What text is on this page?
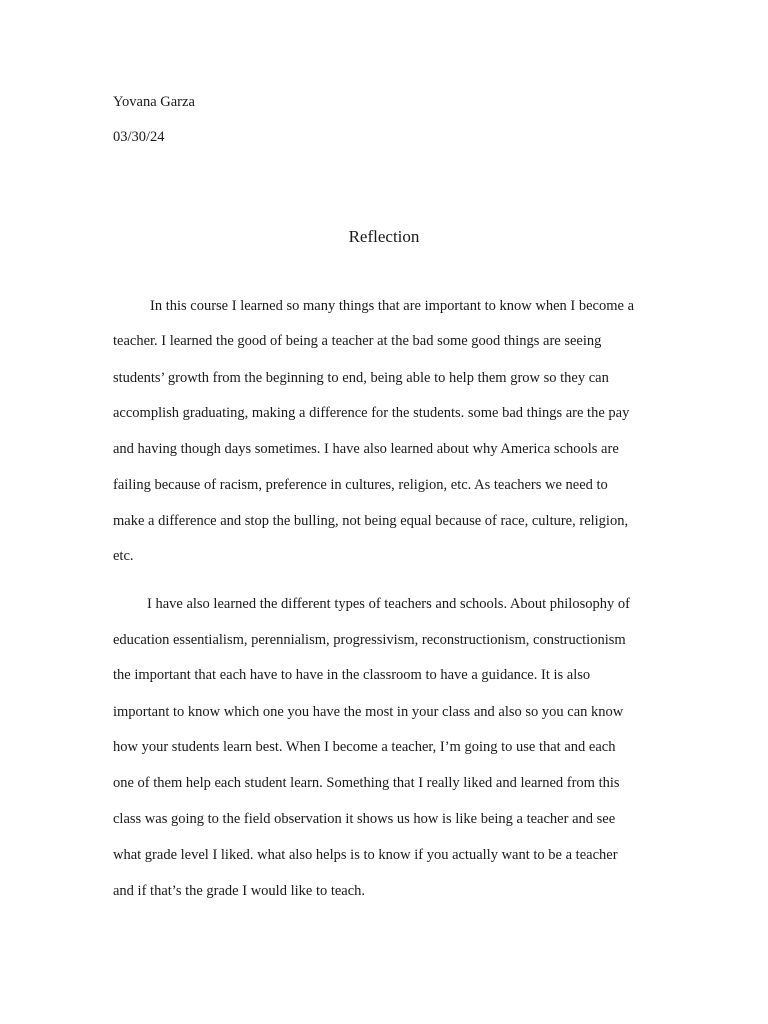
Yovana Garza

03/30/24

Reflection

In this course I learned so many things that are important to know when I become a

teacher. I learned the good of being a teacher at the bad some good things are seeing

students’ growth from the beginning to end, being able to help them grow so they can

accomplish graduating, making a difference for the students. some bad things are the pay

and having though days sometimes. I have also learned about why America schools are

failing because of racism, preference in cultures, religion, etc. As teachers we need to

make a difference and stop the bulling, not being equal because of race, culture, religion,

etc.

I have also learned the different types of teachers and schools. About philosophy of

education essentialism, perennialism, progressivism, reconstructionism, constructionism

the important that each have to have in the classroom to have a guidance. It is also

important to know which one you have the most in your class and also so you can know

how your students learn best. When I become a teacher, I’m going to use that and each

one of them help each student learn. Something that I really liked and learned from this

class was going to the field observation it shows us how is like being a teacher and see

what grade level I liked. what also helps is to know if you actually want to be a teacher

and if that’s the grade I would like to teach.
